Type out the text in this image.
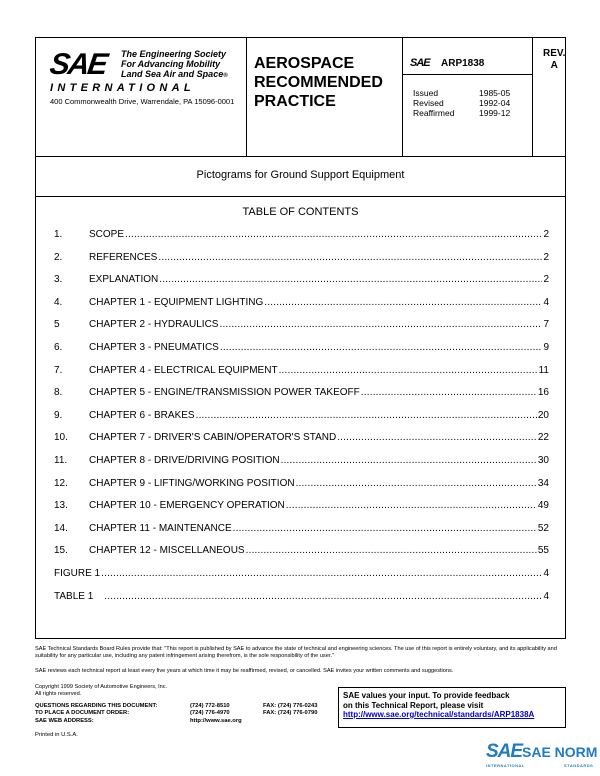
SAE The Engineering Society
For Advancing Mobility
Land Sea Air and Space®
INTERNATIONAL
400 Commonwealth Drive, Warrendale, PA 15096-0001
AEROSPACE
RECOMMENDED
PRACTICE
SAE ARP1838
Issued	1985-05
Revised	1992-04
Reaffirmed	1999-12
REV.
A
Pictograms for Ground Support Equipment
TABLE OF CONTENTS
1.	SCOPE .....	2
2.	REFERENCES .....	2
3.	EXPLANATION .....	2
4.	CHAPTER 1 - EQUIPMENT LIGHTING .....	4
5	CHAPTER 2 - HYDRAULICS .....	7
6.	CHAPTER 3 - PNEUMATICS .....	9
7.	CHAPTER 4 - ELECTRICAL EQUIPMENT .....	11
8.	CHAPTER 5 - ENGINE/TRANSMISSION POWER TAKEOFF .....	16
9.	CHAPTER 6 - BRAKES .....	20
10.	CHAPTER 7 - DRIVER'S CABIN/OPERATOR'S STAND .....	22
11.	CHAPTER 8 - DRIVE/DRIVING POSITION .....	30
12.	CHAPTER 9 - LIFTING/WORKING POSITION .....	34
13.	CHAPTER 10 - EMERGENCY OPERATION .....	49
14.	CHAPTER 11 - MAINTENANCE .....	52
15.	CHAPTER 12 - MISCELLANEOUS .....	55
FIGURE 1 .....	4
TABLE 1 .....	4
SAE Technical Standards Board Rules provide that: "This report is published by SAE to advance the state of technical and engineering sciences. The use of this report is entirely voluntary, and its applicability and suitability for any particular use, including any patent infringement arising therefrom, is the sole responsibility of the user."
SAE reviews each technical report at least every five years at which time it may be reaffirmed, revised, or cancelled. SAE invites your written comments and suggestions.
Copyright 1999 Society of Automotive Engineers, Inc.
All rights reserved.
QUESTIONS REGARDING THIS DOCUMENT:	(724) 772-8510	FAX: (724) 776-0243
TO PLACE A DOCUMENT ORDER:	(724) 776-4970	FAX: (724) 776-0790
SAE WEB ADDRESS:	http://www.sae.org
Printed in U.S.A.
SAE values your input. To provide feedback
on this Technical Report, please visit
http://www.sae.org/technical/standards/ARP1838A
SAE SAE NORM
INTERNATIONAL	STANDARDS
